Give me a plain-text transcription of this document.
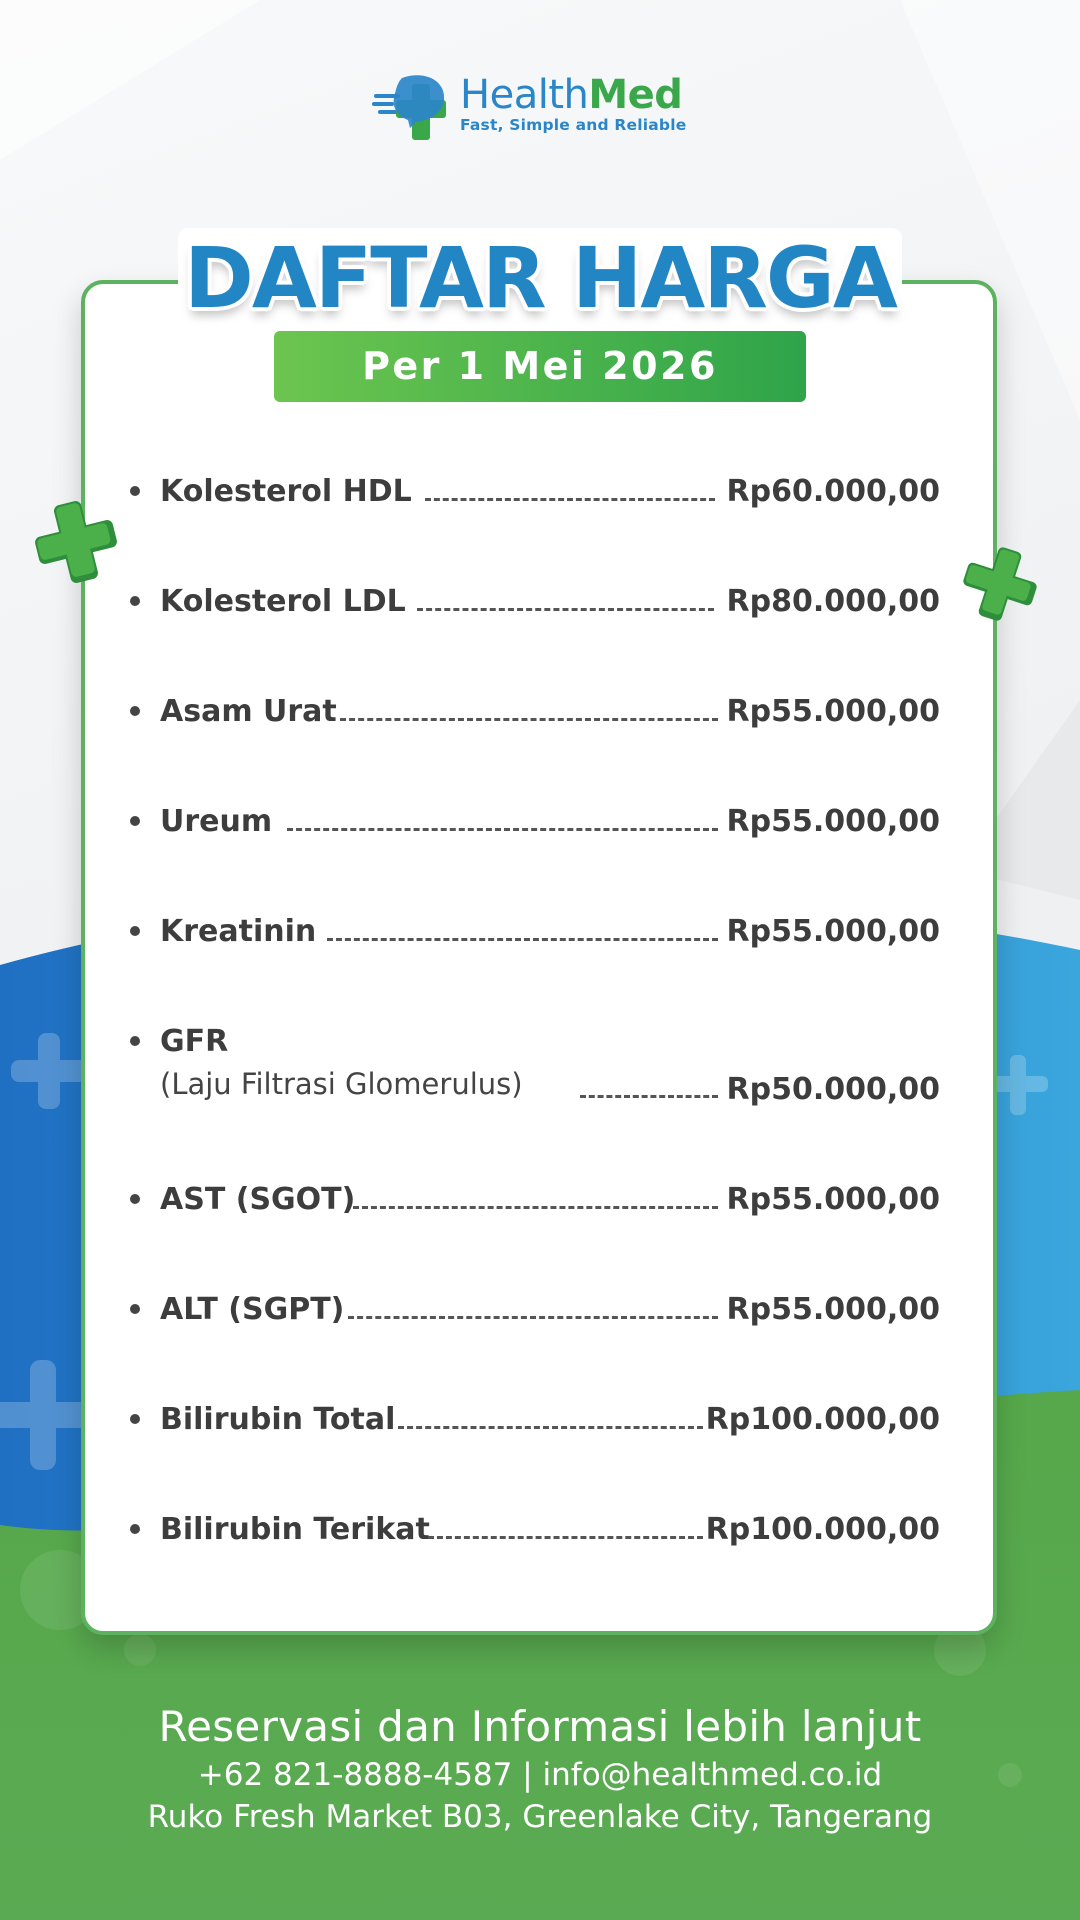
HealthMed
Fast, Simple and Reliable
DAFTAR HARGA
Per 1 Mei 2026
Kolesterol HDL	Rp60.000,00
Kolesterol LDL	Rp80.000,00
Asam Urat	Rp55.000,00
Ureum	Rp55.000,00
Kreatinin	Rp55.000,00
GFR
(Laju Filtrasi Glomerulus)	Rp50.000,00
AST (SGOT)	Rp55.000,00
ALT (SGPT)	Rp55.000,00
Bilirubin Total	Rp100.000,00
Bilirubin Terikat	Rp100.000,00
Reservasi dan Informasi lebih lanjut
+62 821-8888-4587 | info@healthmed.co.id
Ruko Fresh Market B03, Greenlake City, Tangerang
